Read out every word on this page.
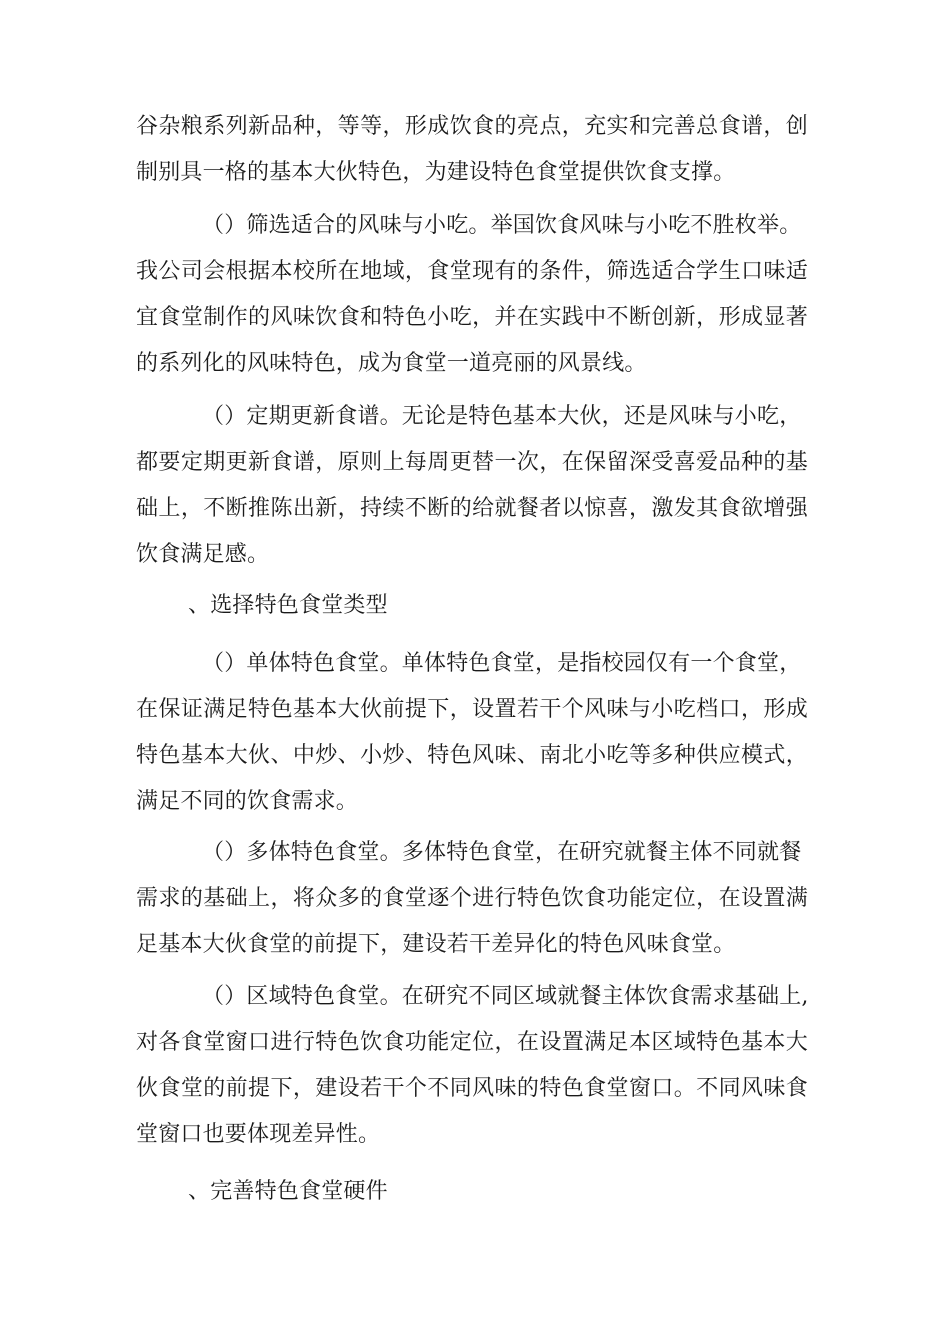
谷杂粮系列新品种，等等，形成饮食的亮点，充实和完善总食谱，创
制别具一格的基本大伙特色，为建设特色食堂提供饮食支撑。
（）筛选适合的风味与小吃。举国饮食风味与小吃不胜枚举。
我公司会根据本校所在地域，食堂现有的条件，筛选适合学生口味适
宜食堂制作的风味饮食和特色小吃，并在实践中不断创新，形成显著
的系列化的风味特色，成为食堂一道亮丽的风景线。
（）定期更新食谱。无论是特色基本大伙，还是风味与小吃，
都要定期更新食谱，原则上每周更替一次，在保留深受喜爱品种的基
础上，不断推陈出新，持续不断的给就餐者以惊喜，激发其食欲增强
饮食满足感。
、选择特色食堂类型
（）单体特色食堂。单体特色食堂，是指校园仅有一个食堂，
在保证满足特色基本大伙前提下，设置若干个风味与小吃档口，形成
特色基本大伙、中炒、小炒、特色风味、南北小吃等多种供应模式，
满足不同的饮食需求。
（）多体特色食堂。多体特色食堂，在研究就餐主体不同就餐
需求的基础上，将众多的食堂逐个进行特色饮食功能定位，在设置满
足基本大伙食堂的前提下，建设若干差异化的特色风味食堂。
（）区域特色食堂。在研究不同区域就餐主体饮食需求基础上,
对各食堂窗口进行特色饮食功能定位，在设置满足本区域特色基本大
伙食堂的前提下，建设若干个不同风味的特色食堂窗口。不同风味食
堂窗口也要体现差异性。
、完善特色食堂硬件
